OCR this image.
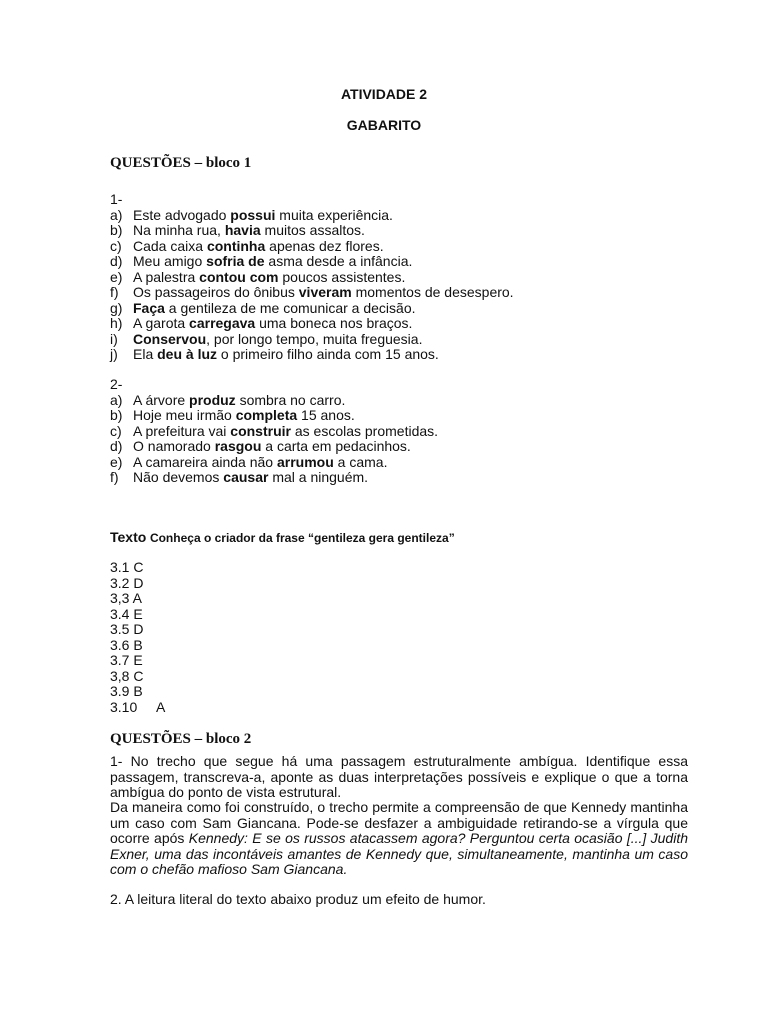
ATIVIDADE 2
GABARITO
QUESTÕES – bloco 1
1-
a) Este advogado possui muita experiência.
b) Na minha rua, havia muitos assaltos.
c) Cada caixa continha apenas dez flores.
d) Meu amigo sofria de asma desde a infância.
e) A palestra contou com poucos assistentes.
f) Os passageiros do ônibus viveram momentos de desespero.
g) Faça a gentileza de me comunicar a decisão.
h) A garota carregava uma boneca nos braços.
i) Conservou, por longo tempo, muita freguesia.
j) Ela deu à luz o primeiro filho ainda com 15 anos.
2-
a) A árvore produz sombra no carro.
b) Hoje meu irmão completa 15 anos.
c) A prefeitura vai construir as escolas prometidas.
d) O namorado rasgou a carta em pedacinhos.
e) A camareira ainda não arrumou a cama.
f) Não devemos causar mal a ninguém.
Texto Conheça o criador da frase “gentileza gera gentileza”
3.1 C
3.2 D
3,3 A
3.4 E
3.5 D
3.6 B
3.7 E
3,8 C
3.9 B
3.10 A
QUESTÕES – bloco 2
1- No trecho que segue há uma passagem estruturalmente ambígua. Identifique essa passagem, transcreva-a, aponte as duas interpretações possíveis e explique o que a torna ambígua do ponto de vista estrutural.
Da maneira como foi construído, o trecho permite a compreensão de que Kennedy mantinha um caso com Sam Giancana. Pode-se desfazer a ambiguidade retirando-se a vírgula que ocorre após Kennedy: E se os russos atacassem agora? Perguntou certa ocasião [...] Judith Exner, uma das incontáveis amantes de Kennedy que, simultaneamente, mantinha um caso com o chefão mafioso Sam Giancana.
2. A leitura literal do texto abaixo produz um efeito de humor.
